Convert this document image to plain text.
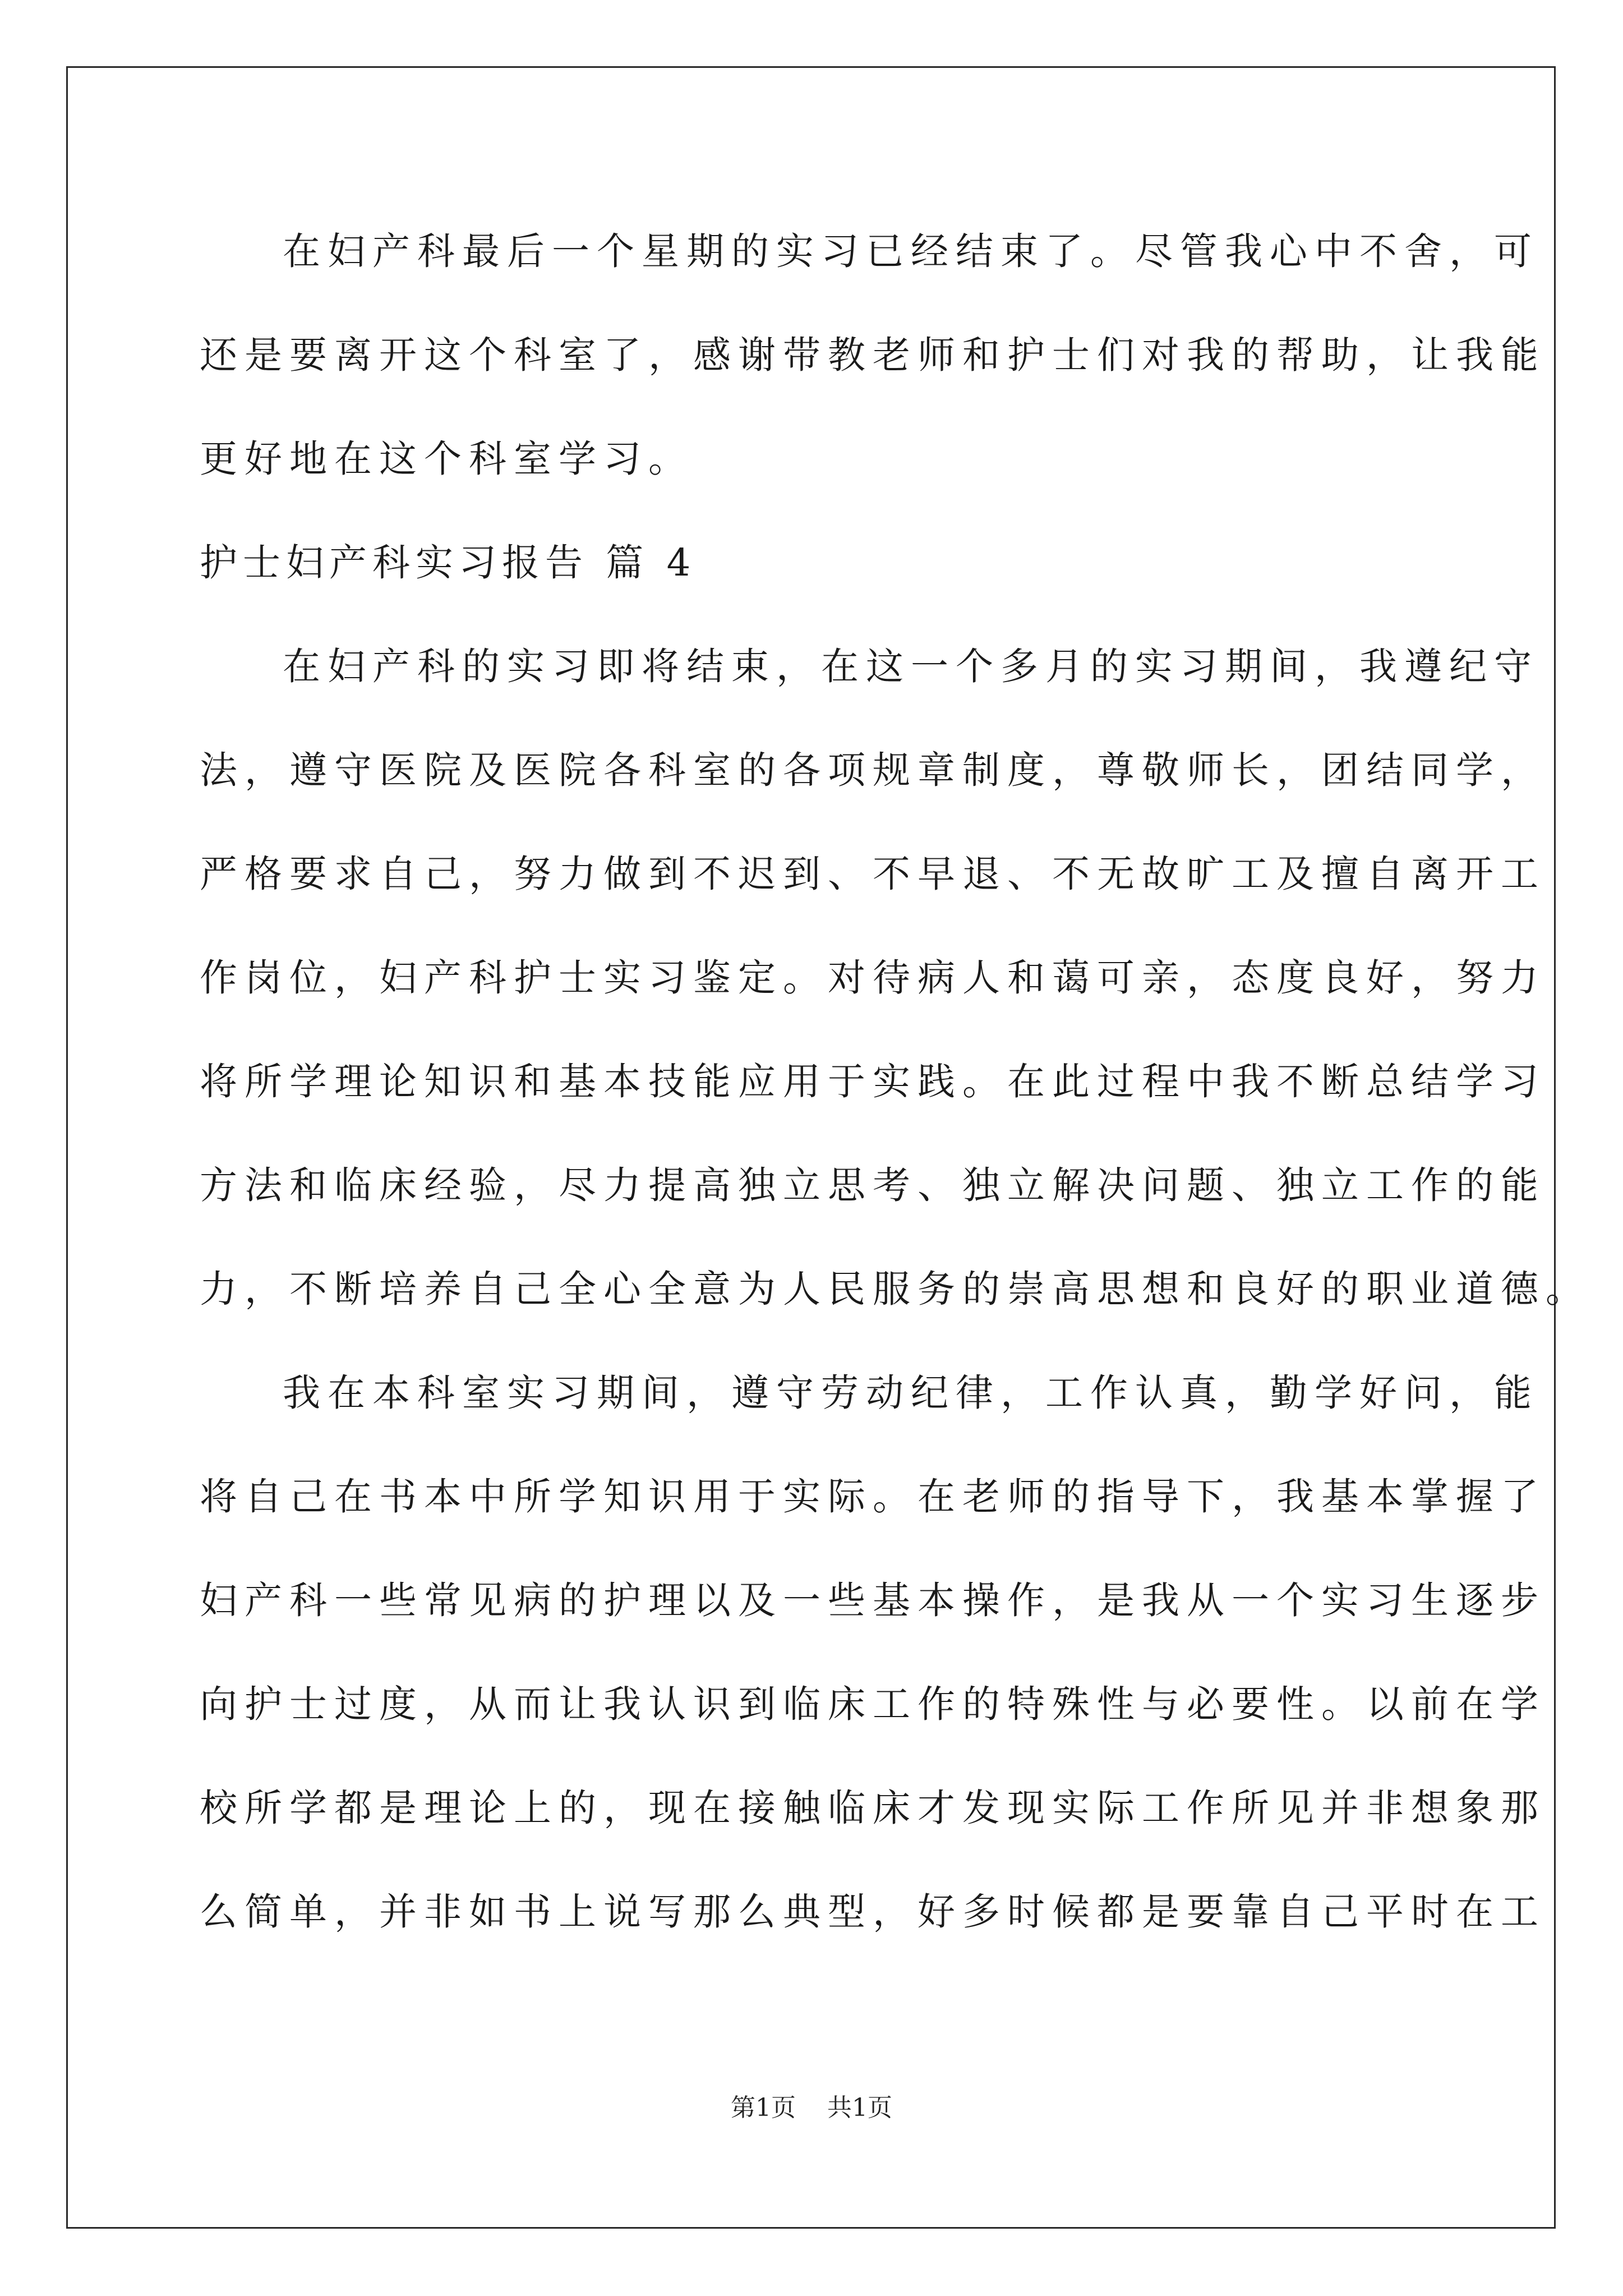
在妇产科最后一个星期的实习已经结束了。尽管我心中不舍，可
还是要离开这个科室了，感谢带教老师和护士们对我的帮助，让我能
更好地在这个科室学习。
护士妇产科实习报告 篇 4
在妇产科的实习即将结束，在这一个多月的实习期间，我遵纪守
法，遵守医院及医院各科室的各项规章制度，尊敬师长，团结同学，
严格要求自己，努力做到不迟到、不早退、不无故旷工及擅自离开工
作岗位，妇产科护士实习鉴定。对待病人和蔼可亲，态度良好，努力
将所学理论知识和基本技能应用于实践。在此过程中我不断总结学习
方法和临床经验，尽力提高独立思考、独立解决问题、独立工作的能
力，不断培养自己全心全意为人民服务的崇高思想和良好的职业道德。
我在本科室实习期间，遵守劳动纪律，工作认真，勤学好问，能
将自己在书本中所学知识用于实际。在老师的指导下，我基本掌握了
妇产科一些常见病的护理以及一些基本操作，是我从一个实习生逐步
向护士过度，从而让我认识到临床工作的特殊性与必要性。以前在学
校所学都是理论上的，现在接触临床才发现实际工作所见并非想象那
么简单，并非如书上说写那么典型，好多时候都是要靠自己平时在工
第1页 共1页
